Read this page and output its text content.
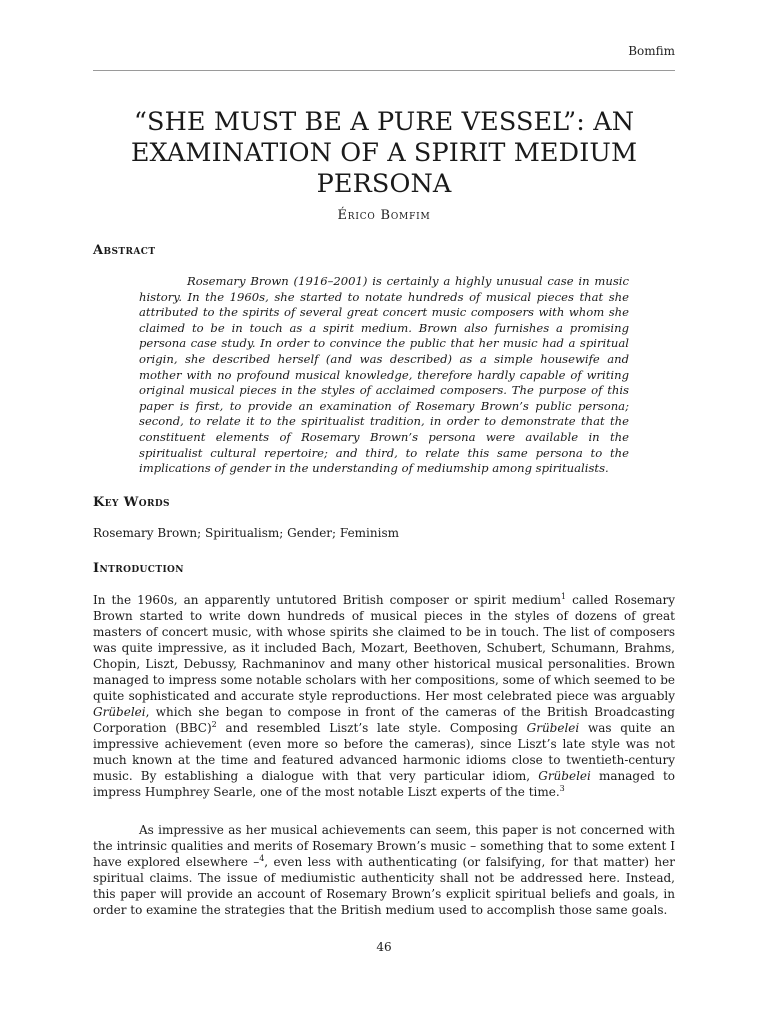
Bomfim
“SHE MUST BE A PURE VESSEL”: AN EXAMINATION OF A SPIRIT MEDIUM PERSONA
Érico Bomfim
Abstract

Rosemary Brown (1916–2001) is certainly a highly unusual case in music history. In the 1960s, she started to notate hundreds of musical pieces that she attributed to the spirits of several great concert music composers with whom she claimed to be in touch as a spirit medium. Brown also furnishes a promising persona case study. In order to convince the public that her music had a spiritual origin, she described herself (and was described) as a simple housewife and mother with no profound musical knowledge, therefore hardly capable of writing original musical pieces in the styles of acclaimed composers. The purpose of this paper is first, to provide an examination of Rosemary Brown’s public persona; second, to relate it to the spiritualist tradition, in order to demonstrate that the constituent elements of Rosemary Brown’s persona were available in the spiritualist cultural repertoire; and third, to relate this same persona to the implications of gender in the understanding of mediumship among spiritualists.

Key Words
Rosemary Brown; Spiritualism; Gender; Feminism
Introduction

In the 1960s, an apparently untutored British composer or spirit medium$^1$ called Rosemary Brown started to write down hundreds of musical pieces in the styles of dozens of great masters of concert music, with whose spirits she claimed to be in touch. The list of composers was quite impressive, as it included Bach, Mozart, Beethoven, Schubert, Schumann, Brahms, Chopin, Liszt, Debussy, Rachmaninov and many other historical musical personalities. Brown managed to impress some notable scholars with her compositions, some of which seemed to be quite sophisticated and accurate style reproductions. Her most celebrated piece was arguably Grübelei, which she began to compose in front of the cameras of the British Broadcasting Corporation (BBC)$^2$ and resembled Liszt’s late style. Composing Grübelei was quite an impressive achievement (even more so before the cameras), since Liszt’s late style was not much known at the time and featured advanced harmonic idioms close to twentieth-century music. By establishing a dialogue with that very particular idiom, Grübelei managed to impress Humphrey Searle, one of the most notable Liszt experts of the time.$^3$

As impressive as her musical achievements can seem, this paper is not concerned with the intrinsic qualities and merits of Rosemary Brown’s music – something that to some extent I have explored elsewhere –$^4$, even less with authenticating (or falsifying, for that matter) her spiritual claims. The issue of mediumistic authenticity shall not be addressed here. Instead, this paper will provide an account of Rosemary Brown’s explicit spiritual beliefs and goals, in order to examine the strategies that the British medium used to accomplish those same goals.

46
